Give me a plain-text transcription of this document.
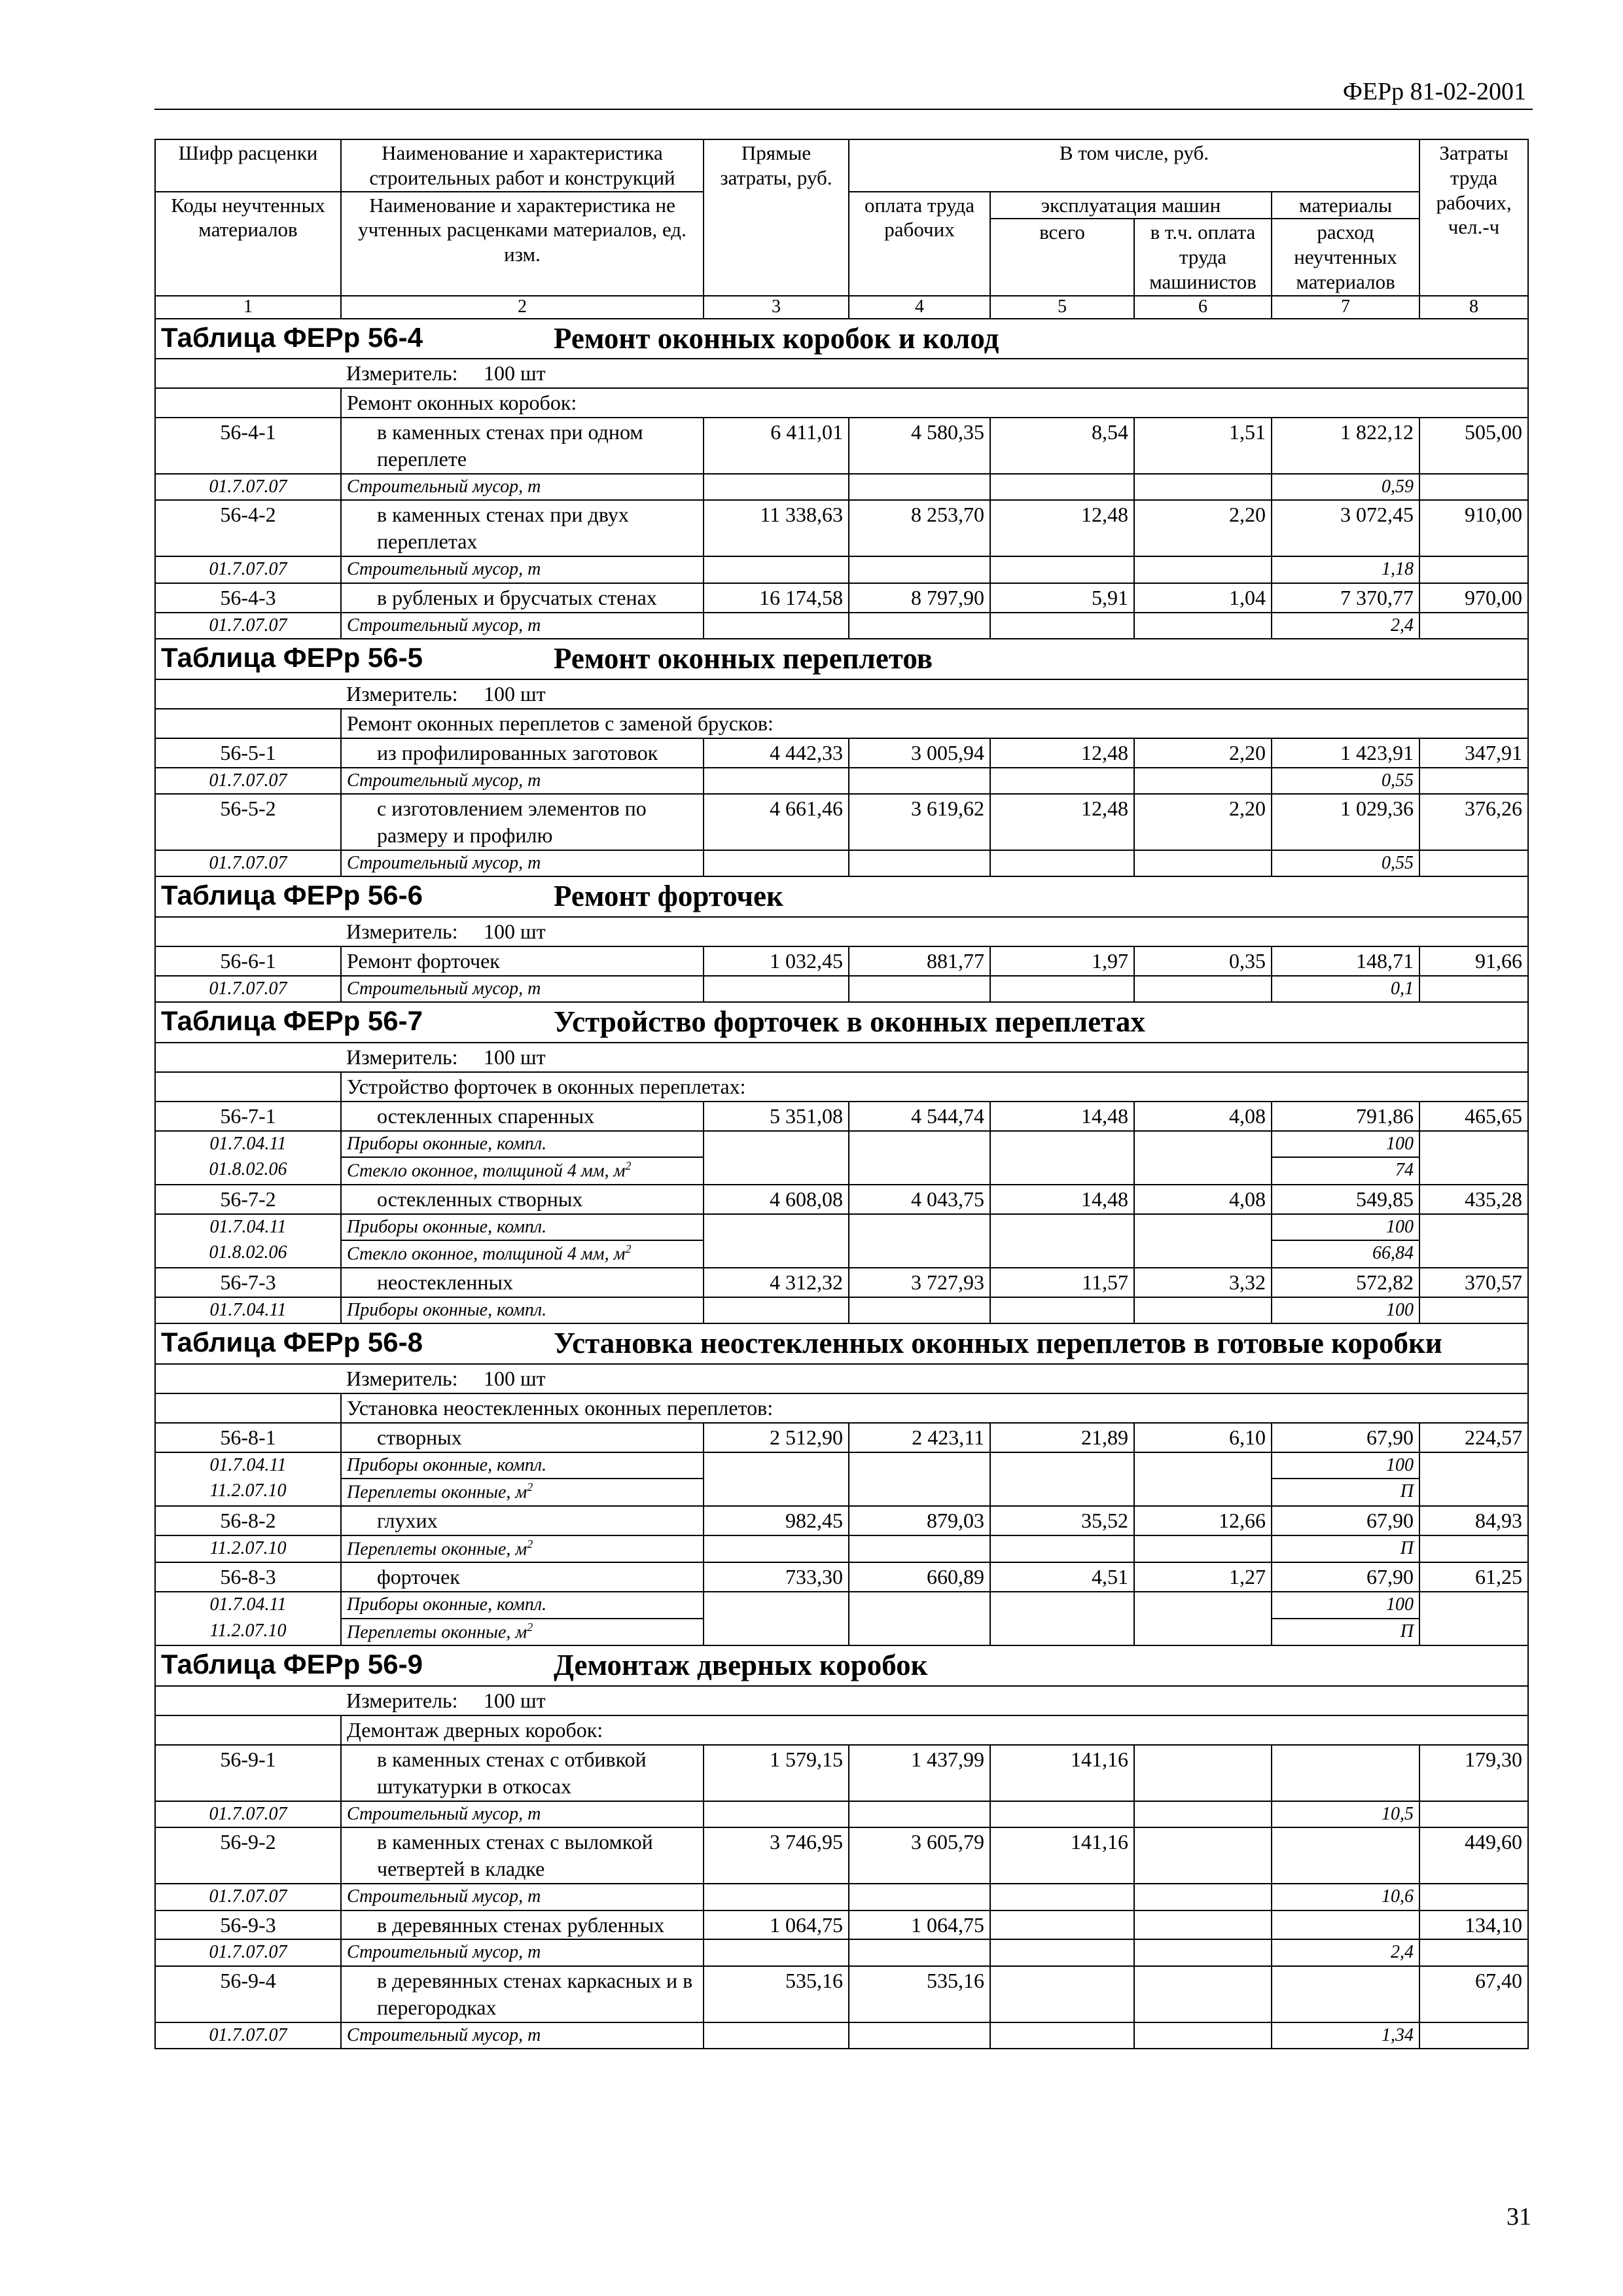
ФЕРр 81-02-2001
Шифр расценки	Наименование и характеристика строительных работ и конструкций	Прямые затраты, руб.	В том числе, руб.				Затраты труда рабочих, чел.-ч
Коды неучтенных материалов	Наименование и характеристика не учтенных расценками материалов, ед. изм.		оплата труда рабочих	эксплуатация машин		материалы	
				всего	в т.ч. оплата труда машинистов	расход неучтенных материалов	
1	2	3	4	5	6	7	8

Таблица ФЕРр 56-4 Ремонт оконных коробок и колод							

	Измеритель: 100 шт						
	Ремонт оконных коробок:						
56-4-1	в каменных стенах при одном переплете	6 411,01	4 580,35	8,54	1,51	1 822,12	505,00
01.7.07.07	Строительный мусор, т					0,59	
56-4-2	в каменных стенах при двух переплетах	11 338,63	8 253,70	12,48	2,20	3 072,45	910,00
01.7.07.07	Строительный мусор, т					1,18	
56-4-3	в рубленых и брусчатых стенах	16 174,58	8 797,90	5,91	1,04	7 370,77	970,00
01.7.07.07	Строительный мусор, т					2,4	

Таблица ФЕРр 56-5 Ремонт оконных переплетов							

	Измеритель: 100 шт						
	Ремонт оконных переплетов с заменой брусков:						
56-5-1	из профилированных заготовок	4 442,33	3 005,94	12,48	2,20	1 423,91	347,91
01.7.07.07	Строительный мусор, т					0,55	
56-5-2	с изготовлением элементов по размеру и профилю	4 661,46	3 619,62	12,48	2,20	1 029,36	376,26
01.7.07.07	Строительный мусор, т					0,55	

Таблица ФЕРр 56-6 Ремонт форточек							

	Измеритель: 100 шт						
56-6-1	Ремонт форточек	1 032,45	881,77	1,97	0,35	148,71	91,66
01.7.07.07	Строительный мусор, т					0,1	

Таблица ФЕРр 56-7 Устройство форточек в оконных переплетах							

	Измеритель: 100 шт						
	Устройство форточек в оконных переплетах:						
56-7-1	остекленных спаренных	5 351,08	4 544,74	14,48	4,08	791,86	465,65
01.7.04.11	Приборы оконные, компл.					100	
01.8.02.06	Стекло оконное, толщиной 4 мм, $м^2$					74	
56-7-2	остекленных створных	4 608,08	4 043,75	14,48	4,08	549,85	435,28
01.7.04.11	Приборы оконные, компл.					100	
01.8.02.06	Стекло оконное, толщиной 4 мм, $м^2$					66,84	
56-7-3	неостекленных	4 312,32	3 727,93	11,57	3,32	572,82	370,57
01.7.04.11	Приборы оконные, компл.					100	

Таблица ФЕРр 56-8 Установка неостекленных оконных переплетов в готовые коробки							

	Измеритель: 100 шт						
	Установка неостекленных оконных переплетов:						
56-8-1	створных	2 512,90	2 423,11	21,89	6,10	67,90	224,57
01.7.04.11	Приборы оконные, компл.					100	
11.2.07.10	Переплеты оконные, $м^2$					П	
56-8-2	глухих	982,45	879,03	35,52	12,66	67,90	84,93
11.2.07.10	Переплеты оконные, $м^2$					П	
56-8-3	форточек	733,30	660,89	4,51	1,27	67,90	61,25
01.7.04.11	Приборы оконные, компл.					100	
11.2.07.10	Переплеты оконные, $м^2$					П	

Таблица ФЕРр 56-9 Демонтаж дверных коробок							

	Измеритель: 100 шт						
	Демонтаж дверных коробок:						
56-9-1	в каменных стенах с отбивкой штукатурки в откосах	1 579,15	1 437,99	141,16			179,30
01.7.07.07	Строительный мусор, т					10,5	
56-9-2	в каменных стенах с выломкой четвертей в кладке	3 746,95	3 605,79	141,16			449,60
01.7.07.07	Строительный мусор, т					10,6	
56-9-3	в деревянных стенах рубленных	1 064,75	1 064,75				134,10
01.7.07.07	Строительный мусор, т					2,4	
56-9-4	в деревянных стенах каркасных и в перегородках	535,16	535,16				67,40
01.7.07.07	Строительный мусор, т					1,34	
31
